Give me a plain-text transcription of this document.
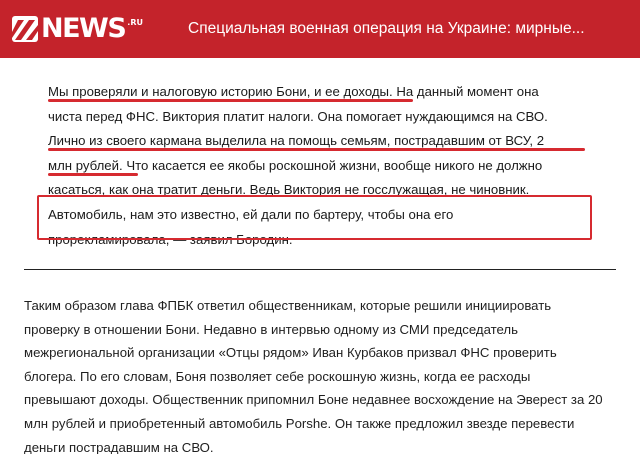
NEWS .RU	Специальная военная операция на Украине: мирные...
Мы проверяли и налоговую историю Бони, и ее доходы. На данный момент она
чиста перед ФНС. Виктория платит налоги. Она помогает нуждающимся на СВО.
Лично из своего кармана выделила на помощь семьям, пострадавшим от ВСУ, 2
млн рублей. Что касается ее якобы роскошной жизни, вообще никого не должно
касаться, как она тратит деньги. Ведь Виктория не госслужащая, не чиновник.
Автомобиль, нам это известно, ей дали по бартеру, чтобы она его
прорекламировала, — заявил Бородин.
Таким образом глава ФПБК ответил общественникам, которые решили инициировать
проверку в отношении Бони. Недавно в интервью одному из СМИ председатель
межрегиональной организации «Отцы рядом» Иван Курбаков призвал ФНС проверить
блогера. По его словам, Боня позволяет себе роскошную жизнь, когда ее расходы
превышают доходы. Общественник припомнил Боне недавнее восхождение на Эверест за 20
млн рублей и приобретенный автомобиль Porshe. Он также предложил звезде перевести
деньги пострадавшим на СВО.
